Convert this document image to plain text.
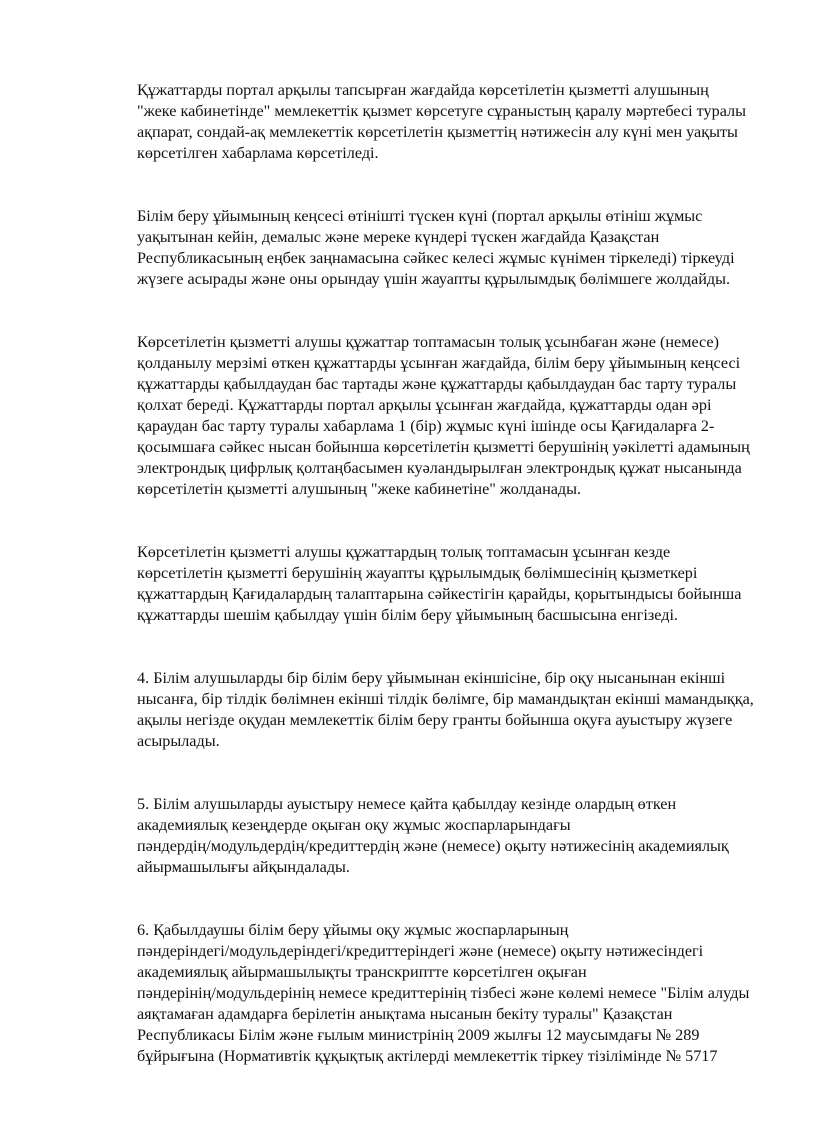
Құжаттарды портал арқылы тапсырған жағдайда көрсетілетін қызметті алушының
"жеке кабинетінде" мемлекеттік қызмет көрсетуге сұраныстың қаралу мәртебесі туралы
ақпарат, сондай-ақ мемлекеттік көрсетілетін қызметтің нәтижесін алу күні мен уақыты
көрсетілген хабарлама көрсетіледі.

Білім беру ұйымының кеңсесі өтінішті түскен күні (портал арқылы өтініш жұмыс
уақытынан кейін, демалыс және мереке күндері түскен жағдайда Қазақстан
Республикасының еңбек заңнамасына сәйкес келесі жұмыс күнімен тіркеледі) тіркеуді
жүзеге асырады және оны орындау үшін жауапты құрылымдық бөлімшеге жолдайды.

Көрсетілетін қызметті алушы құжаттар топтамасын толық ұсынбаған және (немесе)
қолданылу мерзімі өткен құжаттарды ұсынған жағдайда, білім беру ұйымының кеңсесі
құжаттарды қабылдаудан бас тартады және құжаттарды қабылдаудан бас тарту туралы
қолхат береді. Құжаттарды портал арқылы ұсынған жағдайда, құжаттарды одан әрі
қараудан бас тарту туралы хабарлама 1 (бір) жұмыс күні ішінде осы Қағидаларға 2-
қосымшаға сәйкес нысан бойынша көрсетілетін қызметті берушінің уәкілетті адамының
электрондық цифрлық қолтаңбасымен куәландырылған электрондық құжат нысанында
көрсетілетін қызметті алушының "жеке кабинетіне" жолданады.

Көрсетілетін қызметті алушы құжаттардың толық топтамасын ұсынған кезде
көрсетілетін қызметті берушінің жауапты құрылымдық бөлімшесінің қызметкері
құжаттардың Қағидалардың талаптарына сәйкестігін қарайды, қорытындысы бойынша
құжаттарды шешім қабылдау үшін білім беру ұйымының басшысына енгізеді.

4. Білім алушыларды бір білім беру ұйымынан екіншісіне, бір оқу нысанынан екінші
нысанға, бір тілдік бөлімнен екінші тілдік бөлімге, бір мамандықтан екінші мамандыққа,
ақылы негізде оқудан мемлекеттік білім беру гранты бойынша оқуға ауыстыру жүзеге
асырылады.

5. Білім алушыларды ауыстыру немесе қайта қабылдау кезінде олардың өткен
академиялық кезеңдерде оқыған оқу жұмыс жоспарларындағы
пәндердің/модульдердің/кредиттердің және (немесе) оқыту нәтижесінің академиялық
айырмашылығы айқындалады.

6. Қабылдаушы білім беру ұйымы оқу жұмыс жоспарларының
пәндеріндегі/модульдеріндегі/кредиттеріндегі және (немесе) оқыту нәтижесіндегі
академиялық айырмашылықты транскриптте көрсетілген оқыған
пәндерінің/модульдерінің немесе кредиттерінің тізбесі және көлемі немесе "Білім алуды
аяқтамаған адамдарға берілетін анықтама нысанын бекіту туралы" Қазақстан
Республикасы Білім және ғылым министрінің 2009 жылғы 12 маусымдағы № 289
бұйрығына (Нормативтік құқықтық актілерді мемлекеттік тіркеу тізілімінде № 5717
